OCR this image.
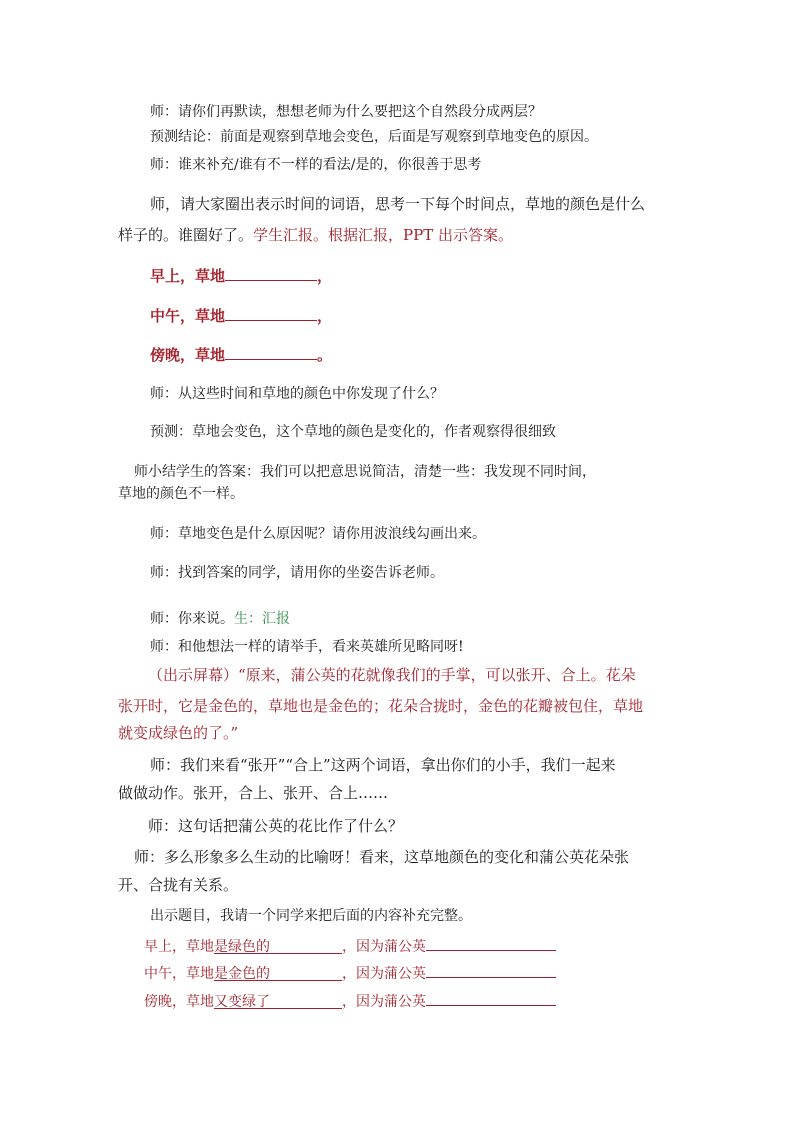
师：请你们再默读，想想老师为什么要把这个自然段分成两层？
预测结论：前面是观察到草地会变色，后面是写观察到草地变色的原因。
师：谁来补充/谁有不一样的看法/是的，你很善于思考
师，请大家圈出表示时间的词语，思考一下每个时间点，草地的颜色是什么
样子的。谁圈好了。学生汇报。根据汇报，PPT 出示答案。
早上，草地	，
中午，草地	，
傍晚，草地	。
师：从这些时间和草地的颜色中你发现了什么？
预测：草地会变色，这个草地的颜色是变化的，作者观察得很细致
师小结学生的答案：我们可以把意思说简洁，清楚一些：我发现不同时间，
草地的颜色不一样。
师：草地变色是什么原因呢？请你用波浪线勾画出来。
师：找到答案的同学，请用你的坐姿告诉老师。
师：你来说。生：汇报
师：和他想法一样的请举手，看来英雄所见略同呀!
（出示屏幕）“原来，蒲公英的花就像我们的手掌，可以张开、合上。花朵
张开时，它是金色的，草地也是金色的；花朵合拢时，金色的花瓣被包住，草地
就变成绿色的了。”
师：我们来看“张开”“合上”这两个词语，拿出你们的小手，我们一起来
做做动作。张开，合上、张开、合上……
师：这句话把蒲公英的花比作了什么？
师：多么形象多么生动的比喻呀！看来，这草地颜色的变化和蒲公英花朵张
开、合拢有关系。
出示题目，我请一个同学来把后面的内容补充完整。
早上，草地是绿色的	，因为蒲公英
中午，草地是金色的	，因为蒲公英
傍晚，草地又变绿了	，因为蒲公英
